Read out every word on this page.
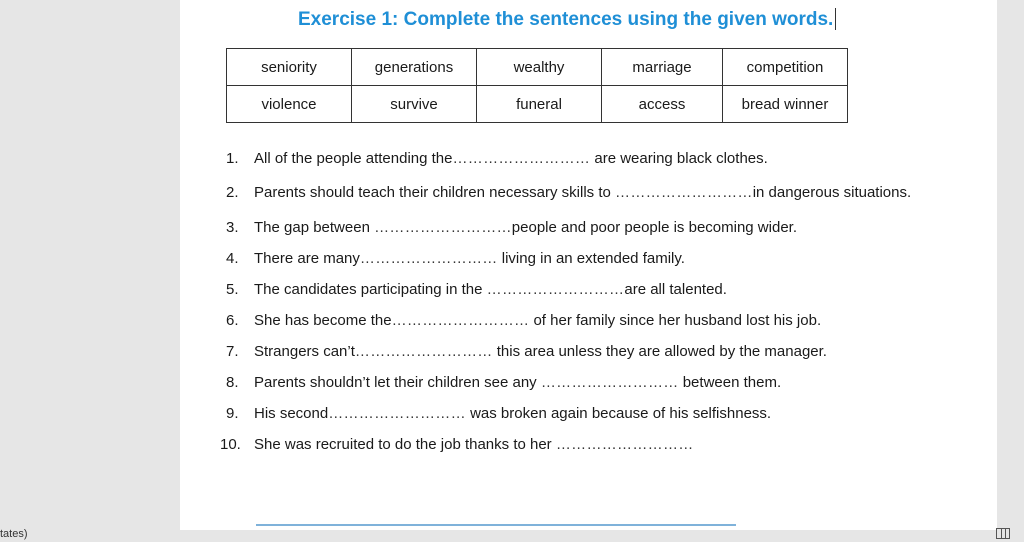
Exercise 1: Complete the sentences using the given words.
seniority	generations	wealthy	marriage	competition
violence	survive	funeral	access	bread winner
1. All of the people attending the……………………… are wearing black clothes.
2. Parents should teach their children necessary skills to ………………………in dangerous situations.
3. The gap between ………………………people and poor people is becoming wider.
4. There are many……………………… living in an extended family.
5. The candidates participating in the ………………………are all talented.
6. She has become the……………………… of her family since her husband lost his job.
7. Strangers can’t……………………… this area unless they are allowed by the manager.
8. Parents shouldn’t let their children see any ……………………… between them.
9. His second……………………… was broken again because of his selfishness.
10. She was recruited to do the job thanks to her ………………………
tates)
